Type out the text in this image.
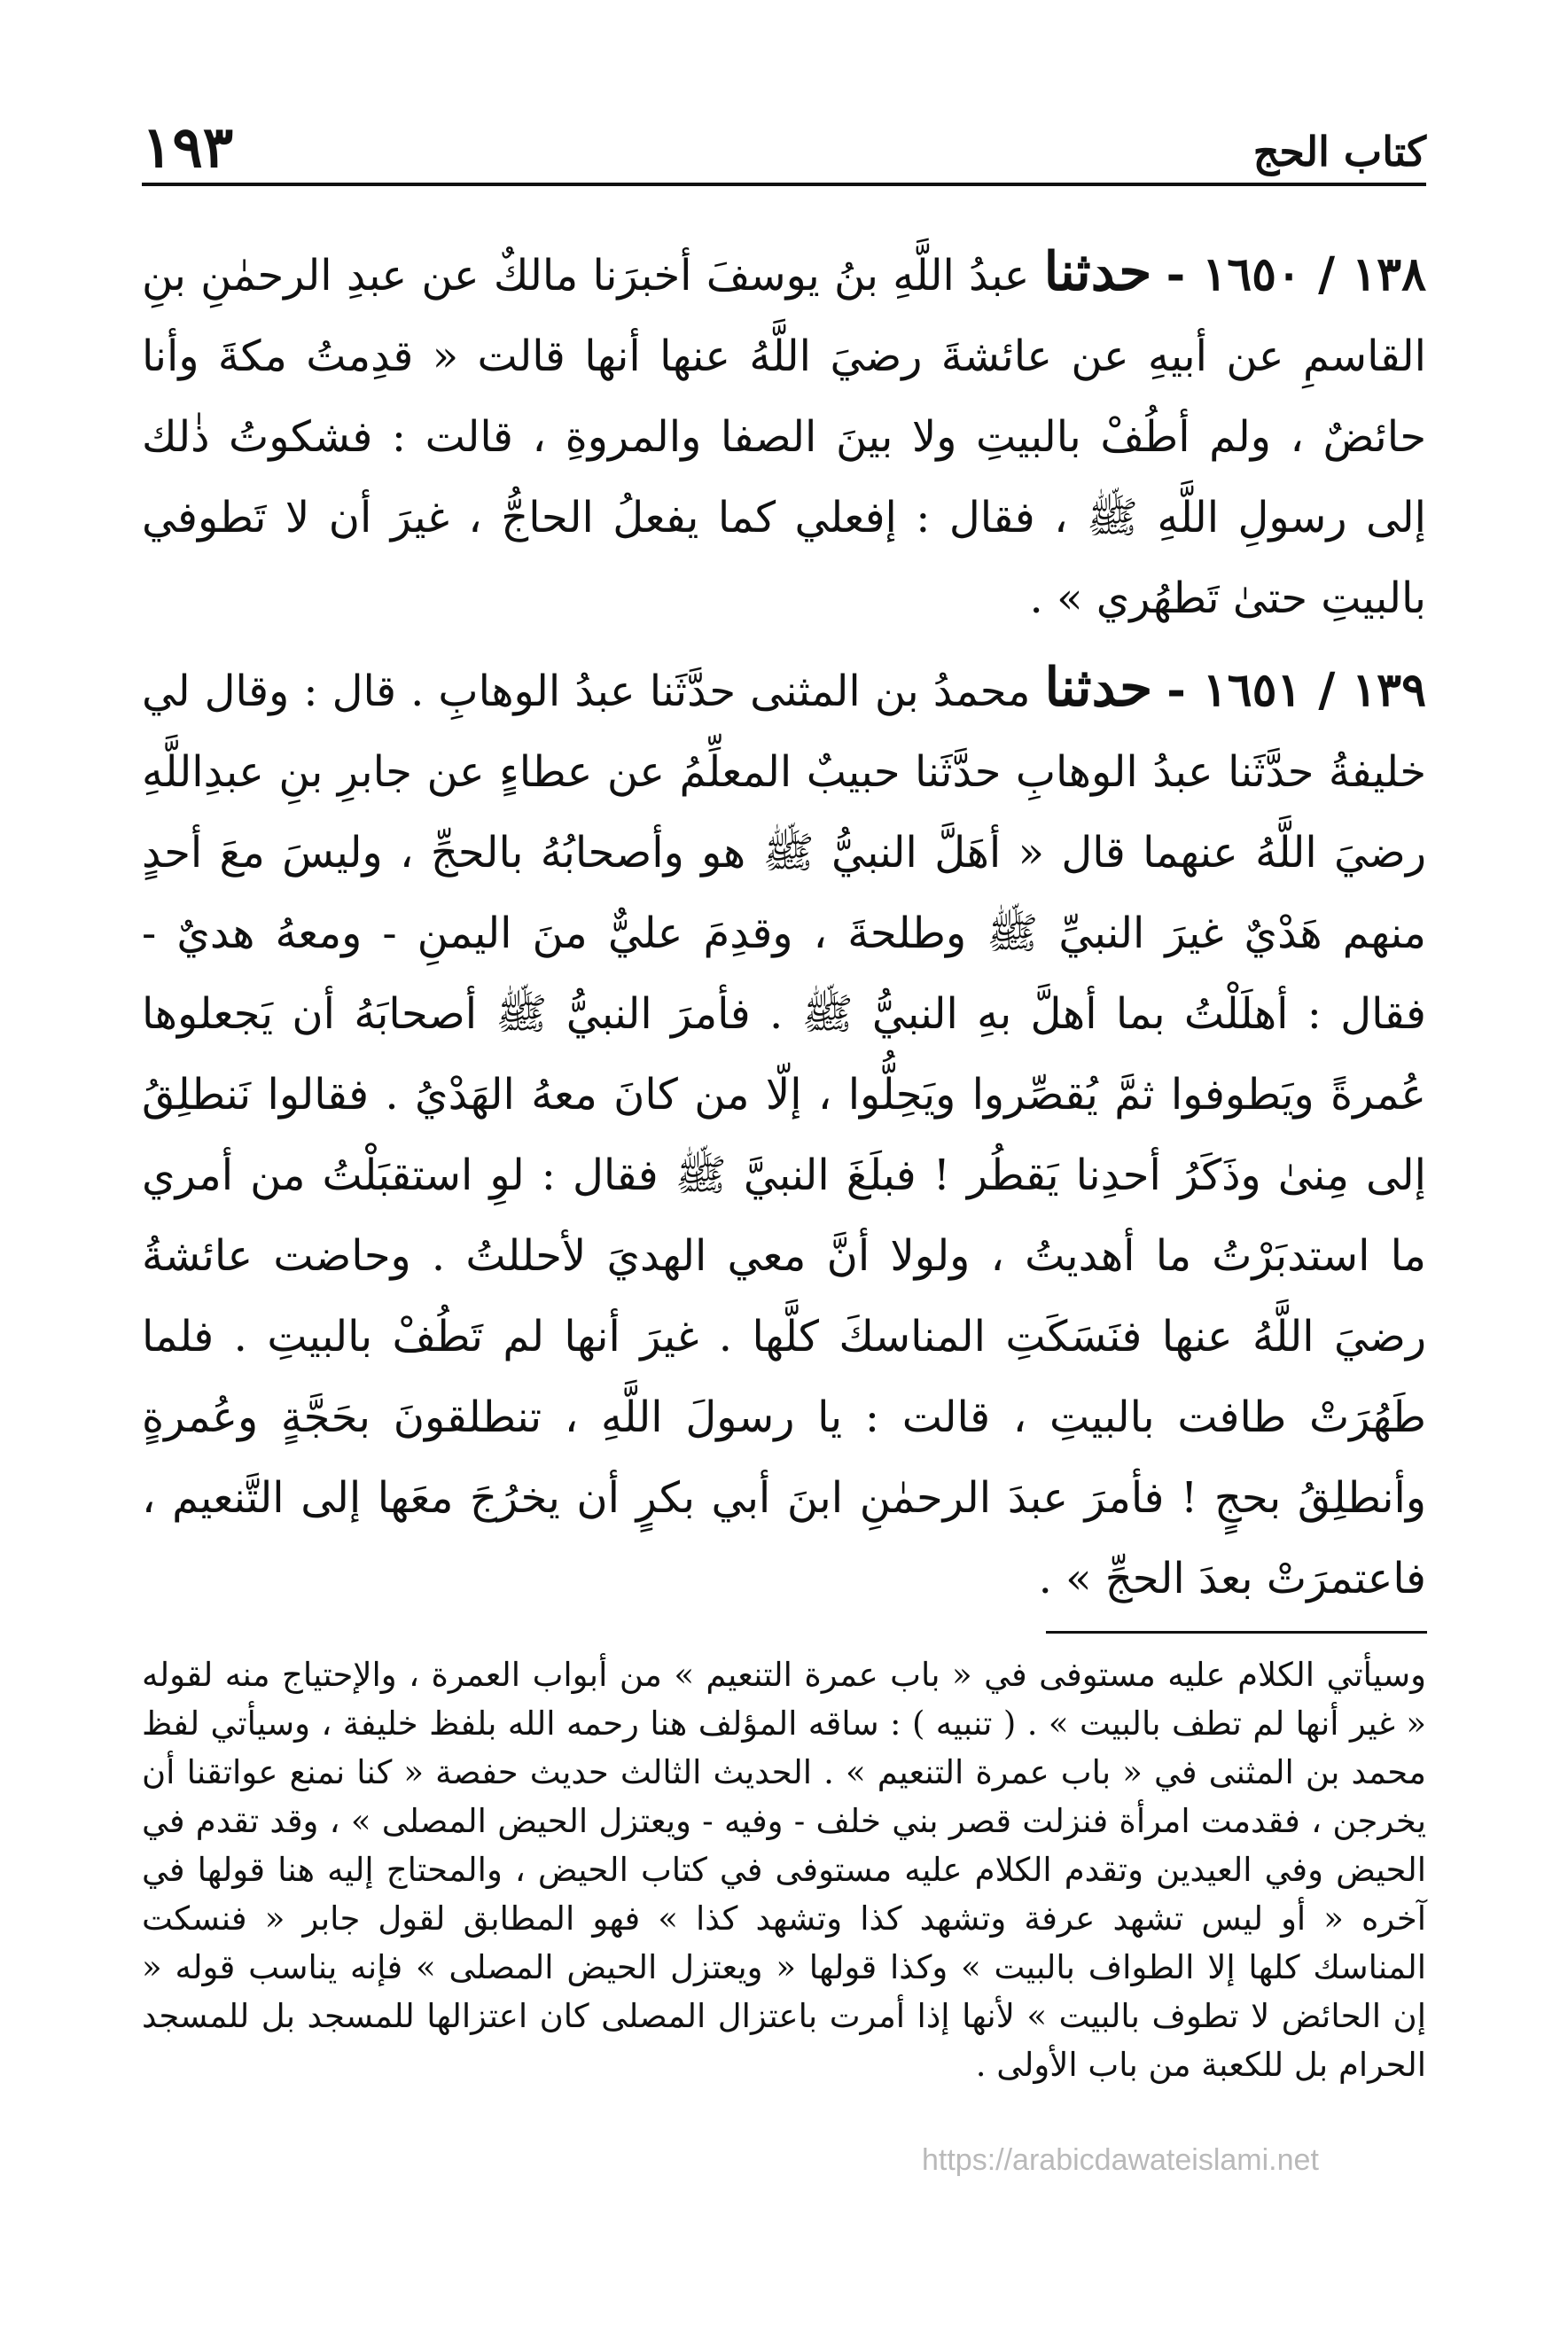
كتاب الحج
١٩٣

١٣٨ / ١٦٥٠ - حدثنا عبدُ اللَّهِ بنُ يوسفَ أخبرَنا مالكٌ عن عبدِ الرحمٰنِ بنِ القاسمِ عن أبيهِ عن عائشةَ رضيَ اللَّهُ عنها أنها قالت « قدِمتُ مكةَ وأنا حائضٌ ، ولم أطُفْ بالبيتِ ولا بينَ الصفا والمروةِ ، قالت : فشكوتُ ذٰلك إلى رسولِ اللَّهِ ﷺ ، فقال : إفعلي كما يفعلُ الحاجُّ ، غيرَ أن لا تَطوفي بالبيتِ حتىٰ تَطهُري » .

١٣٩ / ١٦٥١ - حدثنا محمدُ بن المثنى حدَّثَنا عبدُ الوهابِ . قال : وقال لي خليفةُ حدَّثَنا عبدُ الوهابِ حدَّثَنا حبيبٌ المعلِّمُ عن عطاءٍ عن جابرِ بنِ عبدِاللَّهِ رضيَ اللَّهُ عنهما قال « أهَلَّ النبيُّ ﷺ هو وأصحابُهُ بالحجِّ ، وليسَ معَ أحدٍ منهم هَدْيٌ غيرَ النبيِّ ﷺ وطلحةَ ، وقدِمَ عليٌّ منَ اليمنِ - ومعهُ هديٌ - فقال : أهلَلْتُ بما أهلَّ بهِ النبيُّ ﷺ . فأمرَ النبيُّ ﷺ أصحابَهُ أن يَجعلوها عُمرةً ويَطوفوا ثمَّ يُقصِّروا ويَحِلُّوا ، إلّا من كانَ معهُ الهَدْيُ . فقالوا نَنطلِقُ إلى مِنىٰ وذَكَرُ أحدِنا يَقطُر ! فبلَغَ النبيَّ ﷺ فقال : لوِ استقبَلْتُ من أمري ما استدبَرْتُ ما أهديتُ ، ولولا أنَّ معي الهديَ لأحللتُ . وحاضت عائشةُ رضيَ اللَّهُ عنها فنَسَكَتِ المناسكَ كلَّها . غيرَ أنها لم تَطُفْ بالبيتِ . فلما طَهُرَتْ طافت بالبيتِ ، قالت : يا رسولَ اللَّهِ ، تنطلقونَ بحَجَّةٍ وعُمرةٍ وأنطلِقُ بحجٍ ! فأمرَ عبدَ الرحمٰنِ ابنَ أبي بكرٍ أن يخرُجَ معَها إلى التَّنعيم ، فاعتمرَتْ بعدَ الحجِّ » .

وسيأتي الكلام عليه مستوفى في « باب عمرة التنعيم » من أبواب العمرة ، والإحتياج منه لقوله « غير أنها لم تطف بالبيت » . ( تنبيه ) : ساقه المؤلف هنا رحمه الله بلفظ خليفة ، وسيأتي لفظ محمد بن المثنى في « باب عمرة التنعيم » . الحديث الثالث حديث حفصة « كنا نمنع عواتقنا أن يخرجن ، فقدمت امرأة فنزلت قصر بني خلف - وفيه - ويعتزل الحيض المصلى » ، وقد تقدم في الحيض وفي العيدين وتقدم الكلام عليه مستوفى في كتاب الحيض ، والمحتاج إليه هنا قولها في آخره « أو ليس تشهد عرفة وتشهد كذا وتشهد كذا » فهو المطابق لقول جابر « فنسكت المناسك كلها إلا الطواف بالبيت » وكذا قولها « ويعتزل الحيض المصلى » فإنه يناسب قوله « إن الحائض لا تطوف بالبيت » لأنها إذا أمرت باعتزال المصلى كان اعتزالها للمسجد بل للمسجد الحرام بل للكعبة من باب الأولى .

https://arabicdawateislami.net
